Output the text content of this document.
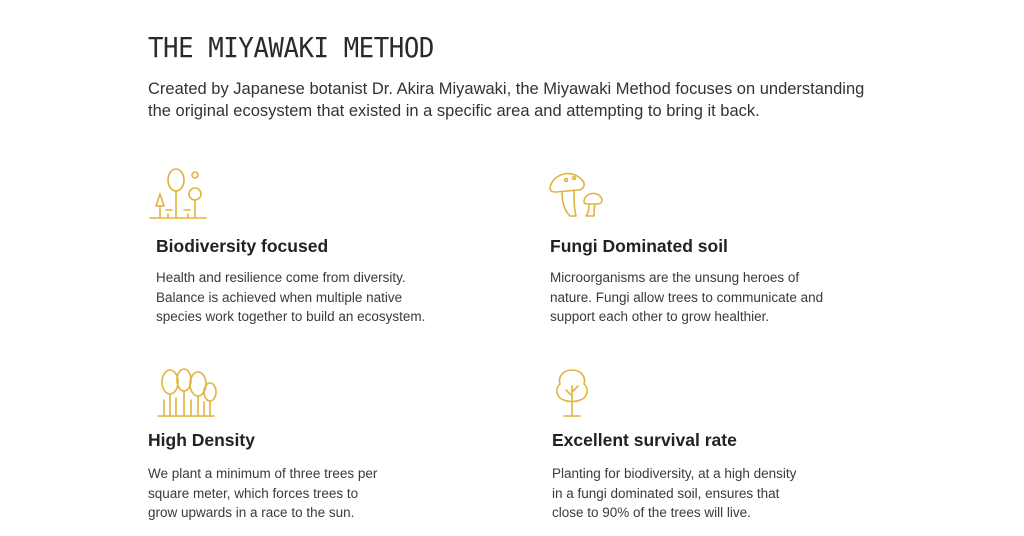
THE MIYAWAKI METHOD
Created by Japanese botanist Dr. Akira Miyawaki, the Miyawaki Method focuses on understanding the original ecosystem that existed in a specific area and attempting to bring it back.
Biodiversity focused

Health and resilience come from diversity.
Balance is achieved when multiple native
species work together to build an ecosystem.

Fungi Dominated soil

Microorganisms are the unsung heroes of
nature. Fungi allow trees to communicate and
support each other to grow healthier.

High Density

We plant a minimum of three trees per
square meter, which forces trees to
grow upwards in a race to the sun.

Excellent survival rate

Planting for biodiversity, at a high density
in a fungi dominated soil, ensures that
close to 90% of the trees will live.
